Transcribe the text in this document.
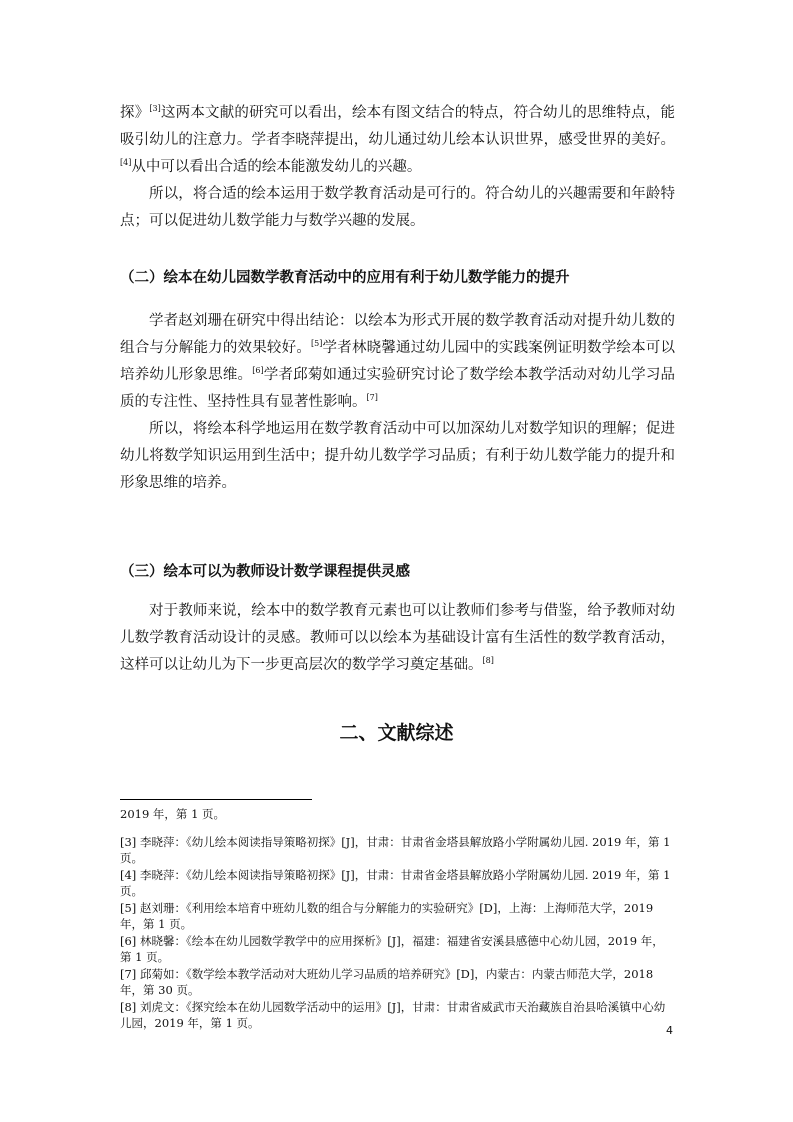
探》[3]这两本文献的研究可以看出，绘本有图文结合的特点，符合幼儿的思维特点，能吸引幼儿的注意力。学者李晓萍提出，幼儿通过幼儿绘本认识世界，感受世界的美好。[4]从中可以看出合适的绘本能激发幼儿的兴趣。

所以，将合适的绘本运用于数学教育活动是可行的。符合幼儿的兴趣需要和年龄特点；可以促进幼儿数学能力与数学兴趣的发展。

（二）绘本在幼儿园数学教育活动中的应用有利于幼儿数学能力的提升

学者赵刘珊在研究中得出结论：以绘本为形式开展的数学教育活动对提升幼儿数的组合与分解能力的效果较好。[5]学者林晓馨通过幼儿园中的实践案例证明数学绘本可以培养幼儿形象思维。[6]学者邱菊如通过实验研究讨论了数学绘本教学活动对幼儿学习品质的专注性、坚持性具有显著性影响。[7]

所以，将绘本科学地运用在数学教育活动中可以加深幼儿对数学知识的理解；促进幼儿将数学知识运用到生活中；提升幼儿数学学习品质；有利于幼儿数学能力的提升和形象思维的培养。

（三）绘本可以为教师设计数学课程提供灵感

对于教师来说，绘本中的数学教育元素也可以让教师们参考与借鉴，给予教师对幼儿数学教育活动设计的灵感。教师可以以绘本为基础设计富有生活性的数学教育活动，这样可以让幼儿为下一步更高层次的数学学习奠定基础。[8]

二、文献综述

2019 年，第 1 页。

[3] 李晓萍：《幼儿绘本阅读指导策略初探》[J]，甘肃：甘肃省金塔县解放路小学附属幼儿园. 2019 年，第 1 页。

[4] 李晓萍：《幼儿绘本阅读指导策略初探》[J]，甘肃：甘肃省金塔县解放路小学附属幼儿园. 2019 年，第 1 页。

[5] 赵刘珊：《利用绘本培育中班幼儿数的组合与分解能力的实验研究》[D]，上海：上海师范大学，2019 年，第 1 页。

[6] 林晓馨：《绘本在幼儿园数学教学中的应用探析》[J]，福建：福建省安溪县感德中心幼儿园，2019 年，第 1 页。

[7] 邱菊如：《数学绘本教学活动对大班幼儿学习品质的培养研究》[D]，内蒙古：内蒙古师范大学，2018 年，第 30 页。

[8] 刘虎文：《探究绘本在幼儿园数学活动中的运用》[J]，甘肃：甘肃省威武市天治藏族自治县哈溪镇中心幼儿园，2019 年，第 1 页。

4
